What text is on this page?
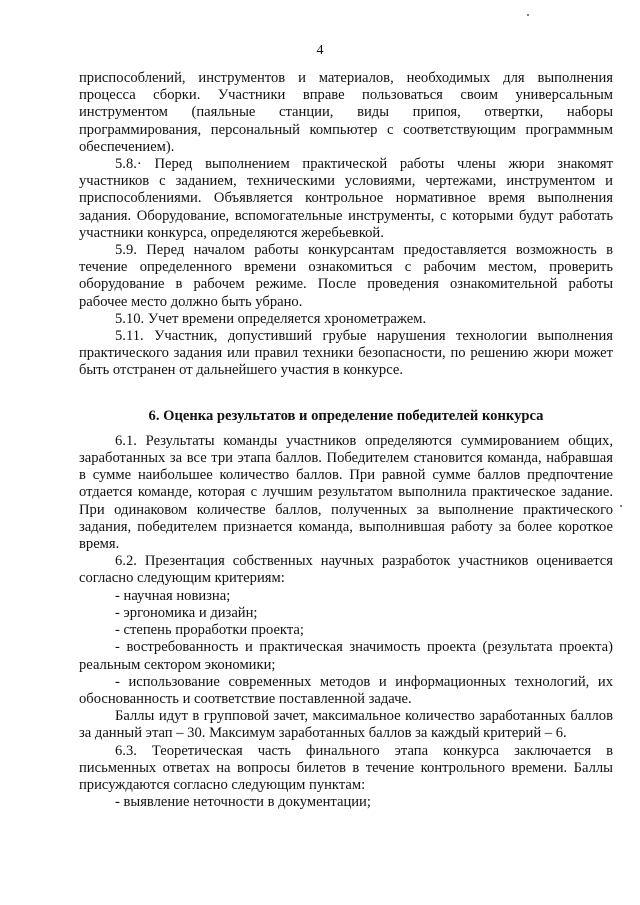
4

приспособлений, инструментов и материалов, необходимых для выполнения процесса сборки. Участники вправе пользоваться своим универсальным инструментом (паяльные станции, виды припоя, отвертки, наборы программирования, персональный компьютер с соответствующим программным обеспечением).

5.8.· Перед выполнением практической работы члены жюри знакомят участников с заданием, техническими условиями, чертежами, инструментом и приспособлениями. Объявляется контрольное нормативное время выполнения задания. Оборудование, вспомогательные инструменты, с которыми будут работать участники конкурса, определяются жеребьевкой.

5.9. Перед началом работы конкурсантам предоставляется возможность в течение определенного времени ознакомиться с рабочим местом, проверить оборудование в рабочем режиме. После проведения ознакомительной работы рабочее место должно быть убрано.

5.10. Учет времени определяется хронометражем.

5.11. Участник, допустивший грубые нарушения технологии выполнения практического задания или правил техники безопасности, по решению жюри может быть отстранен от дальнейшего участия в конкурсе.

6. Оценка результатов и определение победителей конкурса

6.1. Результаты команды участников определяются суммированием общих, заработанных за все три этапа баллов. Победителем становится команда, набравшая в сумме наибольшее количество баллов. При равной сумме баллов предпочтение отдается команде, которая с лучшим результатом выполнила практическое задание. При одинаковом количестве баллов, полученных за выполнение практического задания, победителем признается команда, выполнившая работу за более короткое время.

6.2. Презентация собственных научных разработок участников оценивается согласно следующим критериям:

- научная новизна;

- эргономика и дизайн;

- степень проработки проекта;

- востребованность и практическая значимость проекта (результата проекта) реальным сектором экономики;

- использование современных методов и информационных технологий, их обоснованность и соответствие поставленной задаче.

Баллы идут в групповой зачет, максимальное количество заработанных баллов за данный этап – 30. Максимум заработанных баллов за каждый критерий – 6.

6.3. Теоретическая часть финального этапа конкурса заключается в письменных ответах на вопросы билетов в течение контрольного времени. Баллы присуждаются согласно следующим пунктам:

- выявление неточности в документации;
